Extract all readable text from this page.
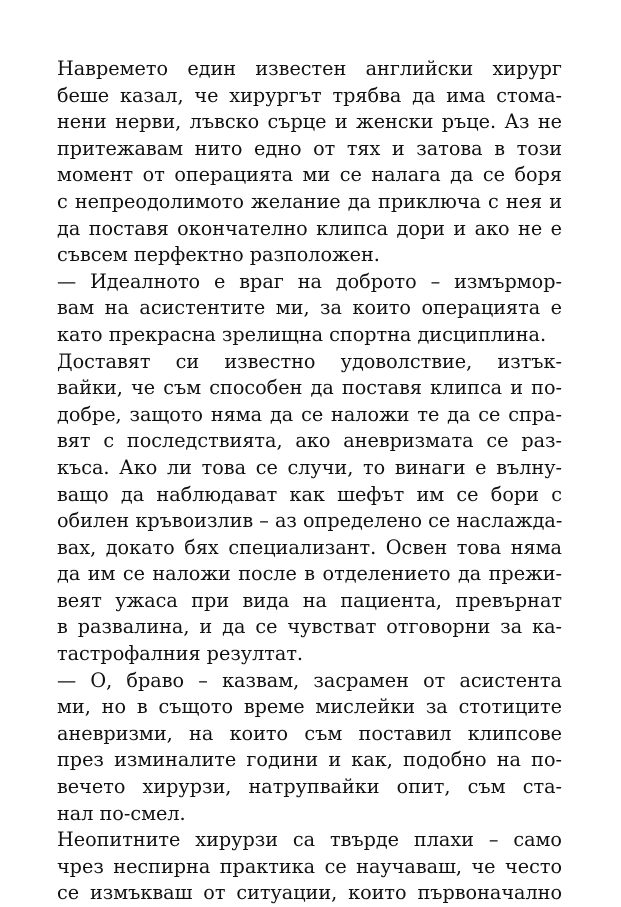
Навремето един известен английски хирург
беше казал, че хирургът трябва да има стома-
нени нерви, лъвско сърце и женски ръце. Аз не
притежавам нито едно от тях и затова в този
момент от операцията ми се налага да се боря
с непреодолимото желание да приключа с нея и
да поставя окончателно клипса дори и ако не е
съвсем перфектно разположен.
— Идеалното е враг на доброто – измърмор-
вам на асистентите ми, за които операцията е
като прекрасна зрелищна спортна дисциплина.
Доставят си известно удоволствие, изтък-
вайки, че съм способен да поставя клипса и по-
добре, защото няма да се наложи те да се спра-
вят с последствията, ако аневризмата се раз-
къса. Ако ли това се случи, то винаги е вълну-
ващо да наблюдават как шефът им се бори с
обилен кръвоизлив – аз определено се наслаждa-
вах, докато бях специализант. Освен това няма
да им се наложи после в отделението да прежи-
веят ужаса при вида на пациента, превърнат
в развалина, и да се чувстват отговорни за ка-
тастрофалния резултат.
— О, браво – казвам, засрамен от асистента
ми, но в същото време мислейки за стотиците
аневризми, на които съм поставил клипсове
през изминалите години и как, подобно на по-
вечето хирурзи, натрупвайки опит, съм ста-
нал по-смел.
Неопитните хирурзи са твърде плахи – само
чрез неспирна практика се научаваш, че често
се измъкваш от ситуации, които първоначално
